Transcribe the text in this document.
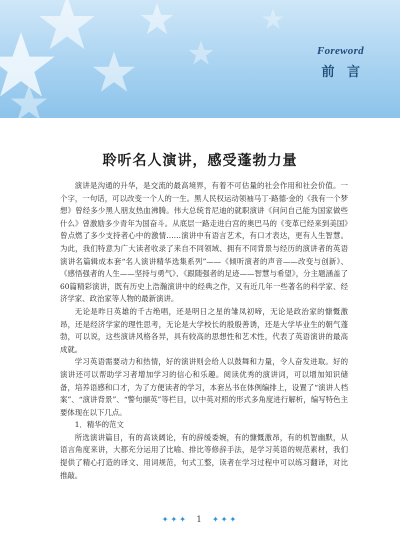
Foreword
前 言
聆听名人演讲，感受蓬勃力量

演讲是沟通的升华，是交流的最高境界，有着不可估量的社会作用和社会价值。一个字，一句话，可以改变一个人的一生。黑人民权运动领袖马丁·路德·金的《我有一个梦想》曾经多少黑人朋友热血沸腾。伟大总统肯尼迪的就职演讲《问问自己能为国家做些什么》曾激励多少青年为国奋斗。从底层一路走进白宫的奥巴马的《变革已经来到美国》曾点燃了多少支持者心中的激情……演讲中有语言艺术，有口才表达，更有人生智慧。为此，我们特意为广大读者收录了来自不同领域、拥有不同背景与经历的演讲者的英语演讲名篇辑成本套“名人演讲精华选集系列”——《倾听演者的声音——改变与创新》、《感悟强者的人生——坚持与勇气》、《跟随强者的足迹——智慧与希望》，分主题涵盖了60篇精彩演讲，既有历史上浩瀚演讲中的经典之作，又有近几年一些著名的科学家、经济学家、政治家等人物的最新演讲。

无论是昨日英雄的千古绝唱，还是明日之星的雏凤初啼，无论是政治家的慷慨激昂，还是经济学家的理性思考，无论是大学校长的殷殷善诱，还是大学毕业生的朝气蓬勃，可以说，这些演讲风格各异，具有较高的思想性和艺术性，代表了英语演讲的最高成就。

学习英语需要动力和热情，好的演讲则会给人以鼓舞和力量，令人奋发进取。好的演讲还可以帮助学习者增加学习的信心和乐趣。阅读优秀的演讲词，可以增加知识储备，培养语感和口才，为了方便读者的学习，本套丛书在体例编排上，设置了“演讲人档案”、“演讲背景”、“警句撷英”等栏目，以中英对照的形式多角度进行解析，编写特色主要体现在以下几点。

1．精华的范文

所选演讲篇目，有的高谈阔论，有的辞缓委婉，有的慷慨激昂，有的机智幽默，从语言角度来讲，大都充分运用了比喻、排比等修辞手法，是学习英语的规范素材，我们提供了精心打造的译文、用词规范，句式工整，读者在学习过程中可以练习翻译，对比推敲。

✦✦✦ 1 ✦✦✦
